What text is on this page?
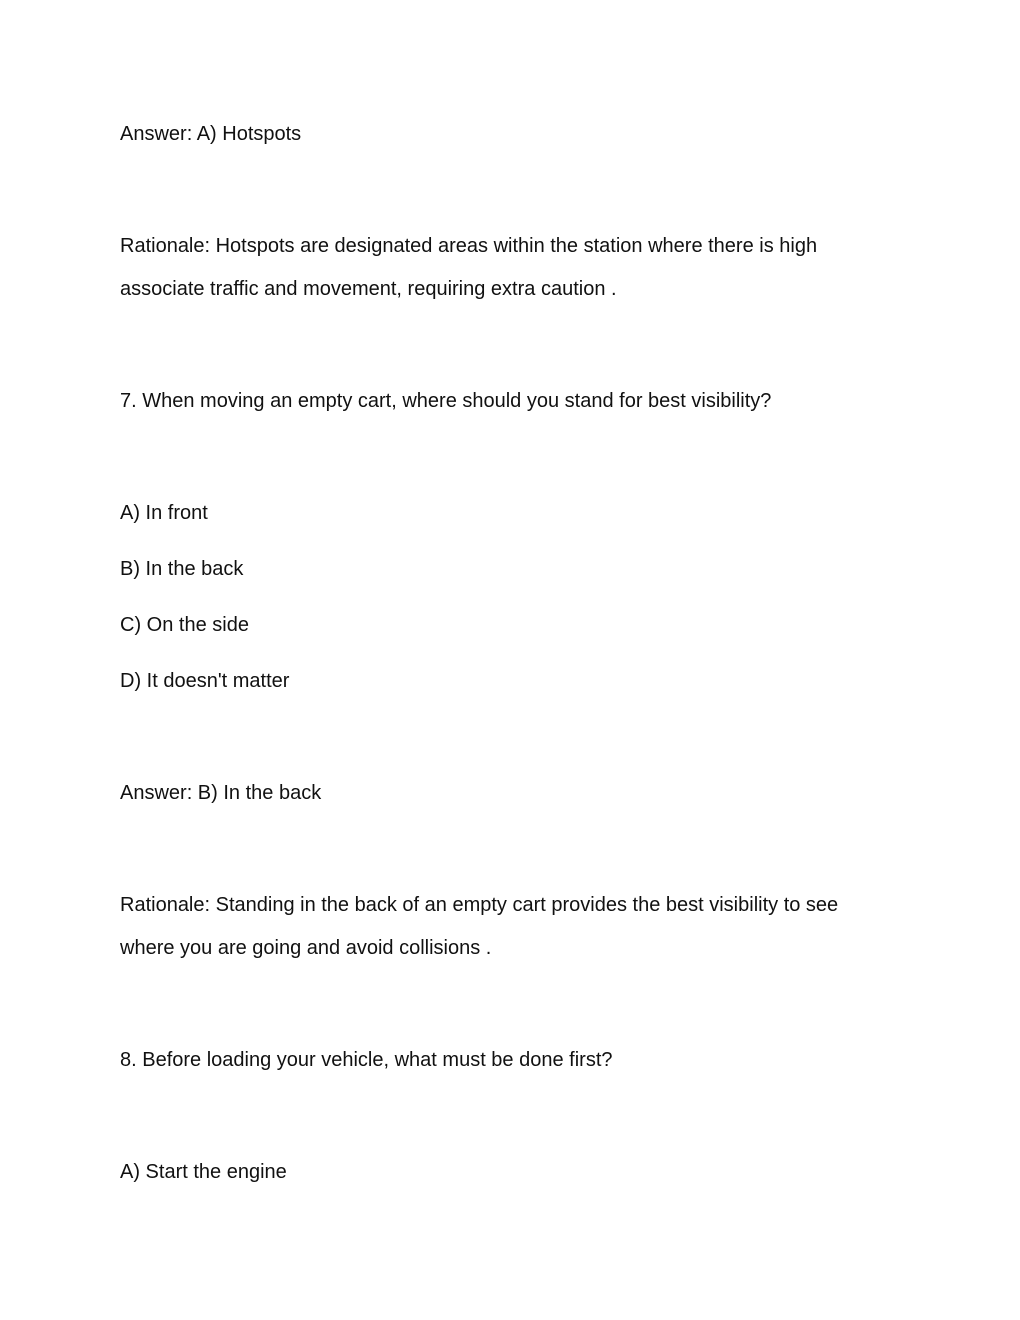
Answer: A) Hotspots
Rationale: Hotspots are designated areas within the station where there is high
associate traffic and movement, requiring extra caution .
7. When moving an empty cart, where should you stand for best visibility?
A) In front
B) In the back
C) On the side
D) It doesn't matter
Answer: B) In the back
Rationale: Standing in the back of an empty cart provides the best visibility to see
where you are going and avoid collisions .
8. Before loading your vehicle, what must be done first?
A) Start the engine
